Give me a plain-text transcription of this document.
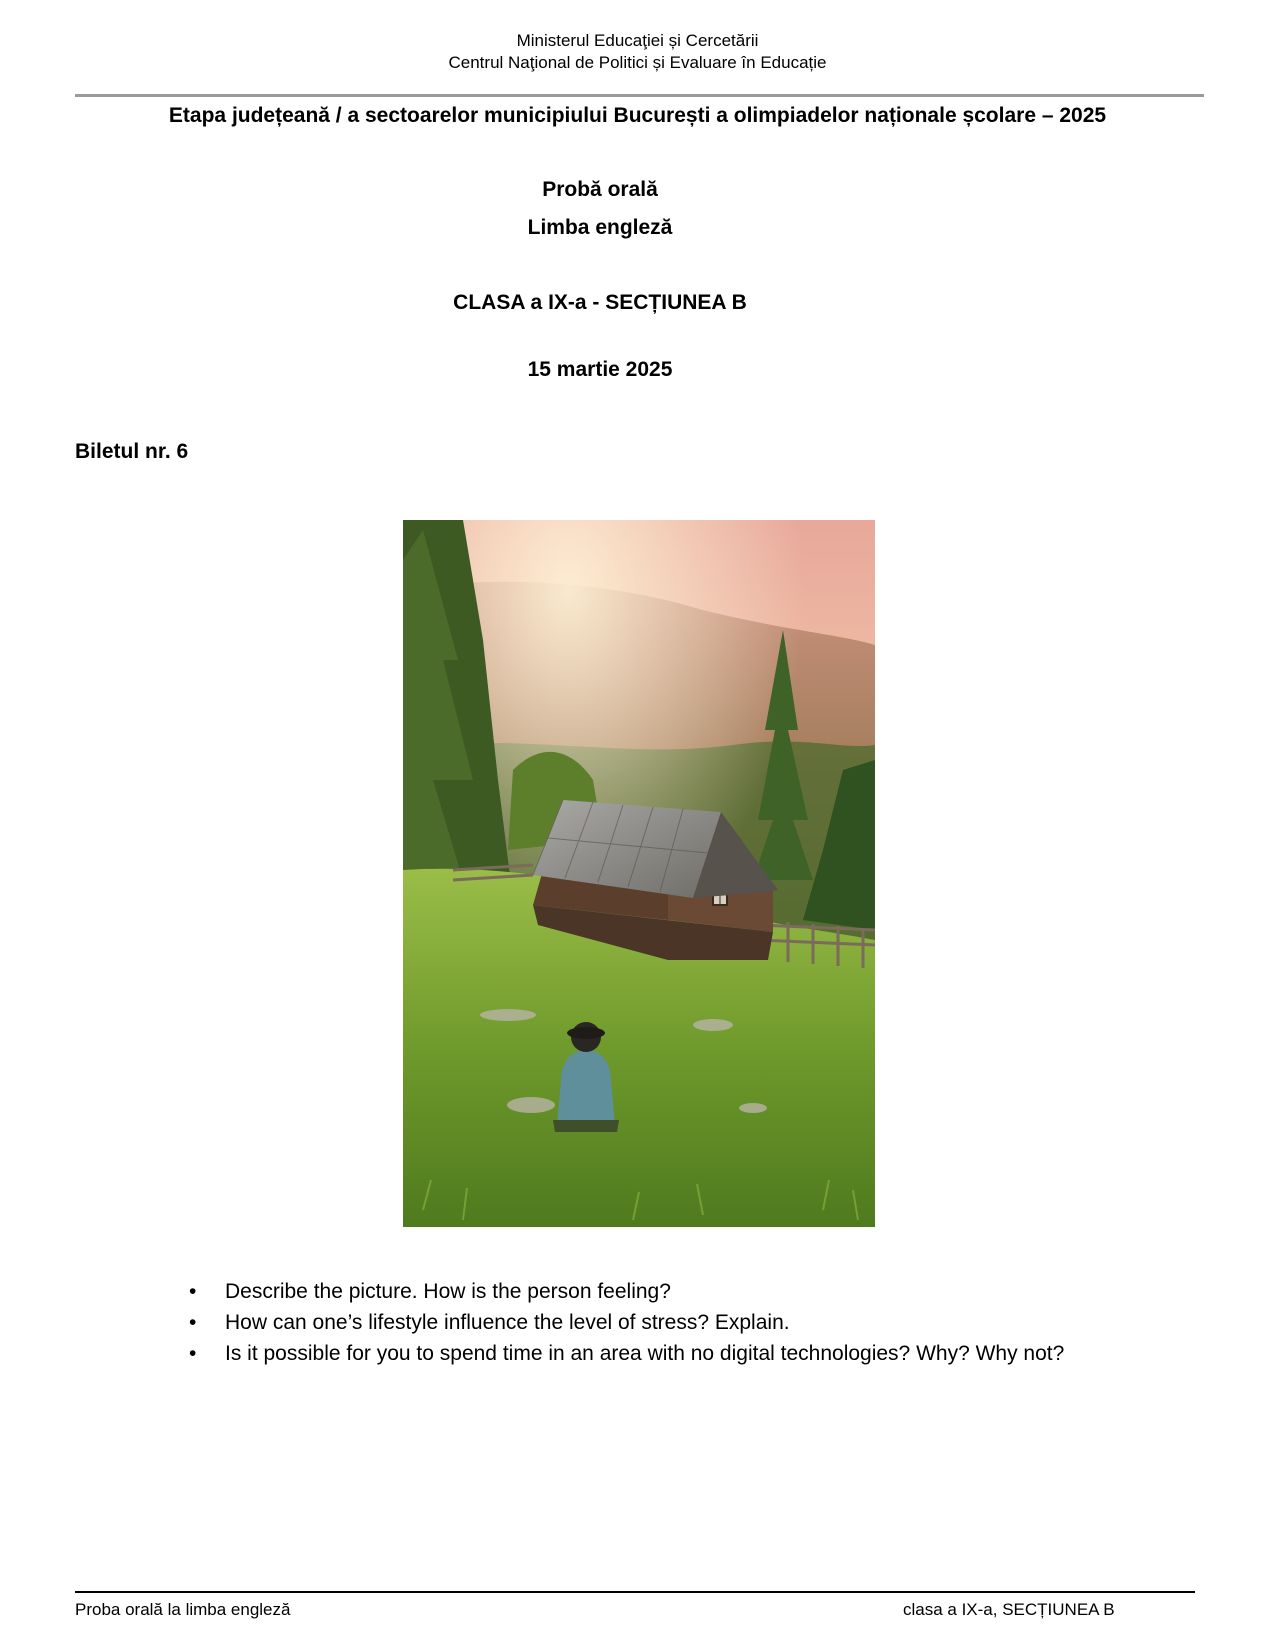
Ministerul Educaţiei și Cercetării
Centrul Naţional de Politici și Evaluare în Educație
Etapa județeană / a sectoarelor municipiului București a olimpiadelor naționale școlare – 2025
Probă orală
Limba engleză
CLASA a IX-a - SECȚIUNEA B
15 martie 2025
Biletul nr. 6
• Describe the picture. How is the person feeling?
• How can one’s lifestyle influence the level of stress? Explain.
• Is it possible for you to spend time in an area with no digital technologies? Why? Why not?
Proba orală la limba engleză	clasa a IX-a, SECȚIUNEA B
